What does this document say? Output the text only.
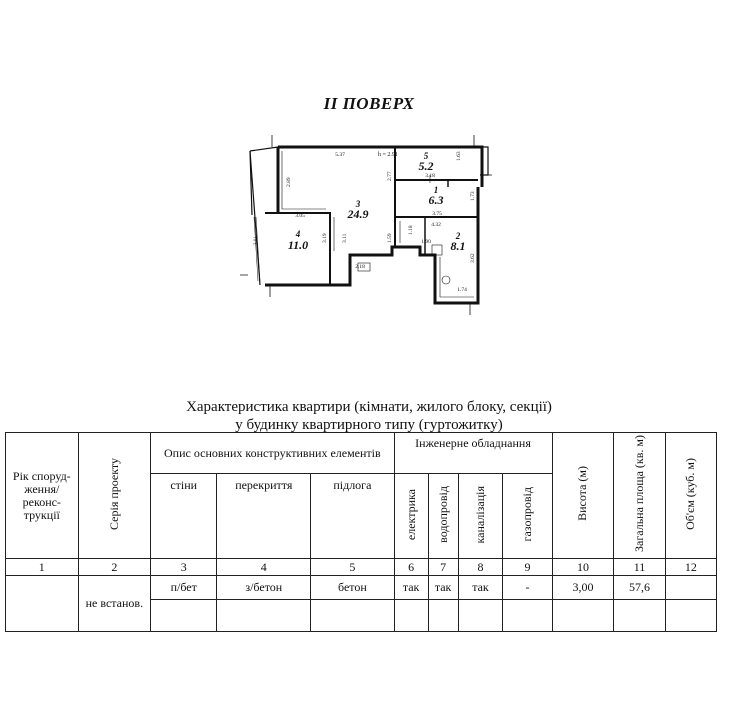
II ПОВЕРХ
5
5.2
1
6.3
3
24.9
4
11.0
2
8.1
h = 2.91
5.37	1.63
3.18
2.77
2.89
3.05	3.75
1.73
4.32
1.59
3.19	3.11
1.18
1.90
3.62
2.18
1.74
3.01
Характеристика квартири (кімнати, жилого блоку, секції)
у будинку квартирного типу (гуртожитку)
Рік споруд-ження/ реконс-трукції	Серія проекту	Опис основних конструктивних елементів			Інженерне обладнання				Висота (м)	Загальна площа (кв. м)	Об'єм (куб. м)
		стіни	перекриття	підлога	електрика	водопровід	каналізація	газопровід			
1	2	3	4	5	6	7	8	9	10	11	12
	не встанов.	п/бет	з/бетон	бетон	так	так	так	-	3,00	57,6	
